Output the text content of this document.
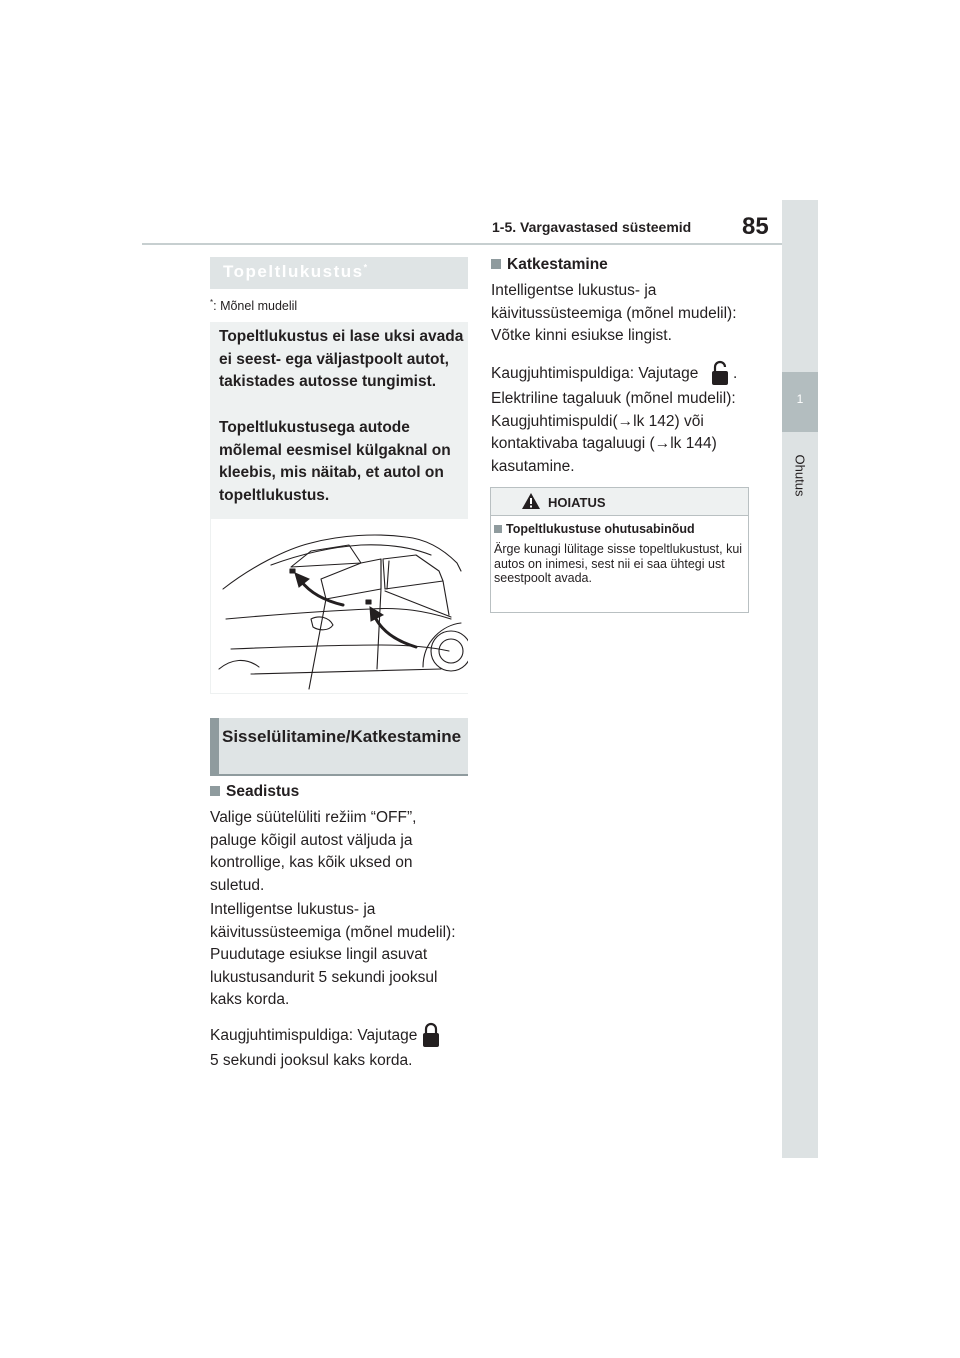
1-5. Vargavastased süsteemid 85
1
Ohutus
Topeltlukustus*
*: Mõnel mudelil
Topeltlukustus ei lase uksi avada ei seest- ega väljastpoolt autot, takistades autosse tungimist.
Topeltlukustusega autode mõlemal eesmisel külgaknal on kleebis, mis näitab, et autol on topeltlukustus.
Sisselülitamine/Katkestamine
Seadistus
Valige süütelüliti režiim “OFF”, paluge kõigil autost väljuda ja kontrollige, kas kõik uksed on suletud.
Intelligentse lukustus- ja käivitussüsteemiga (mõnel mudelil): Puudutage esiukse lingil asuvat lukustusandurit 5 sekundi jooksul kaks korda.
Kaugjuhtimispuldiga: Vajutage
5 sekundi jooksul kaks korda.
Katkestamine
Intelligentse lukustus- ja käivitussüsteemiga (mõnel mudelil): Võtke kinni esiukse lingist.
Kaugjuhtimispuldiga: Vajutage .
Elektriline tagaluuk (mõnel mudelil): Kaugjuhtimispuldi(→lk 142) või kontaktivaba tagaluugi (→lk 144) kasutamine.
HOIATUS
Topeltlukustuse ohutusabinõud
Ärge kunagi lülitage sisse topeltlukustust, kui autos on inimesi, sest nii ei saa ühtegi ust seestpoolt avada.
